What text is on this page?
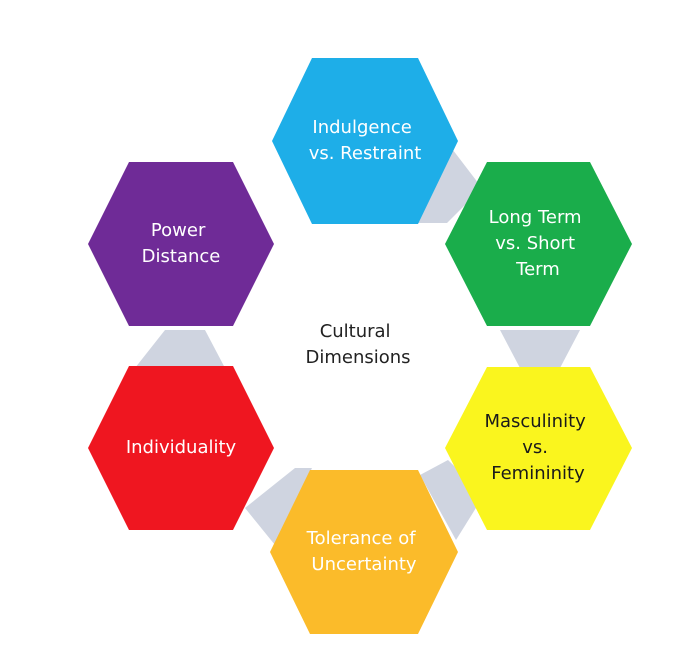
Indulgence vs. Restraint
Long Term vs. Short Term
Masculinity vs. Femininity
Tolerance of Uncertainty
Individuality
Power Distance
Cultural Dimensions
